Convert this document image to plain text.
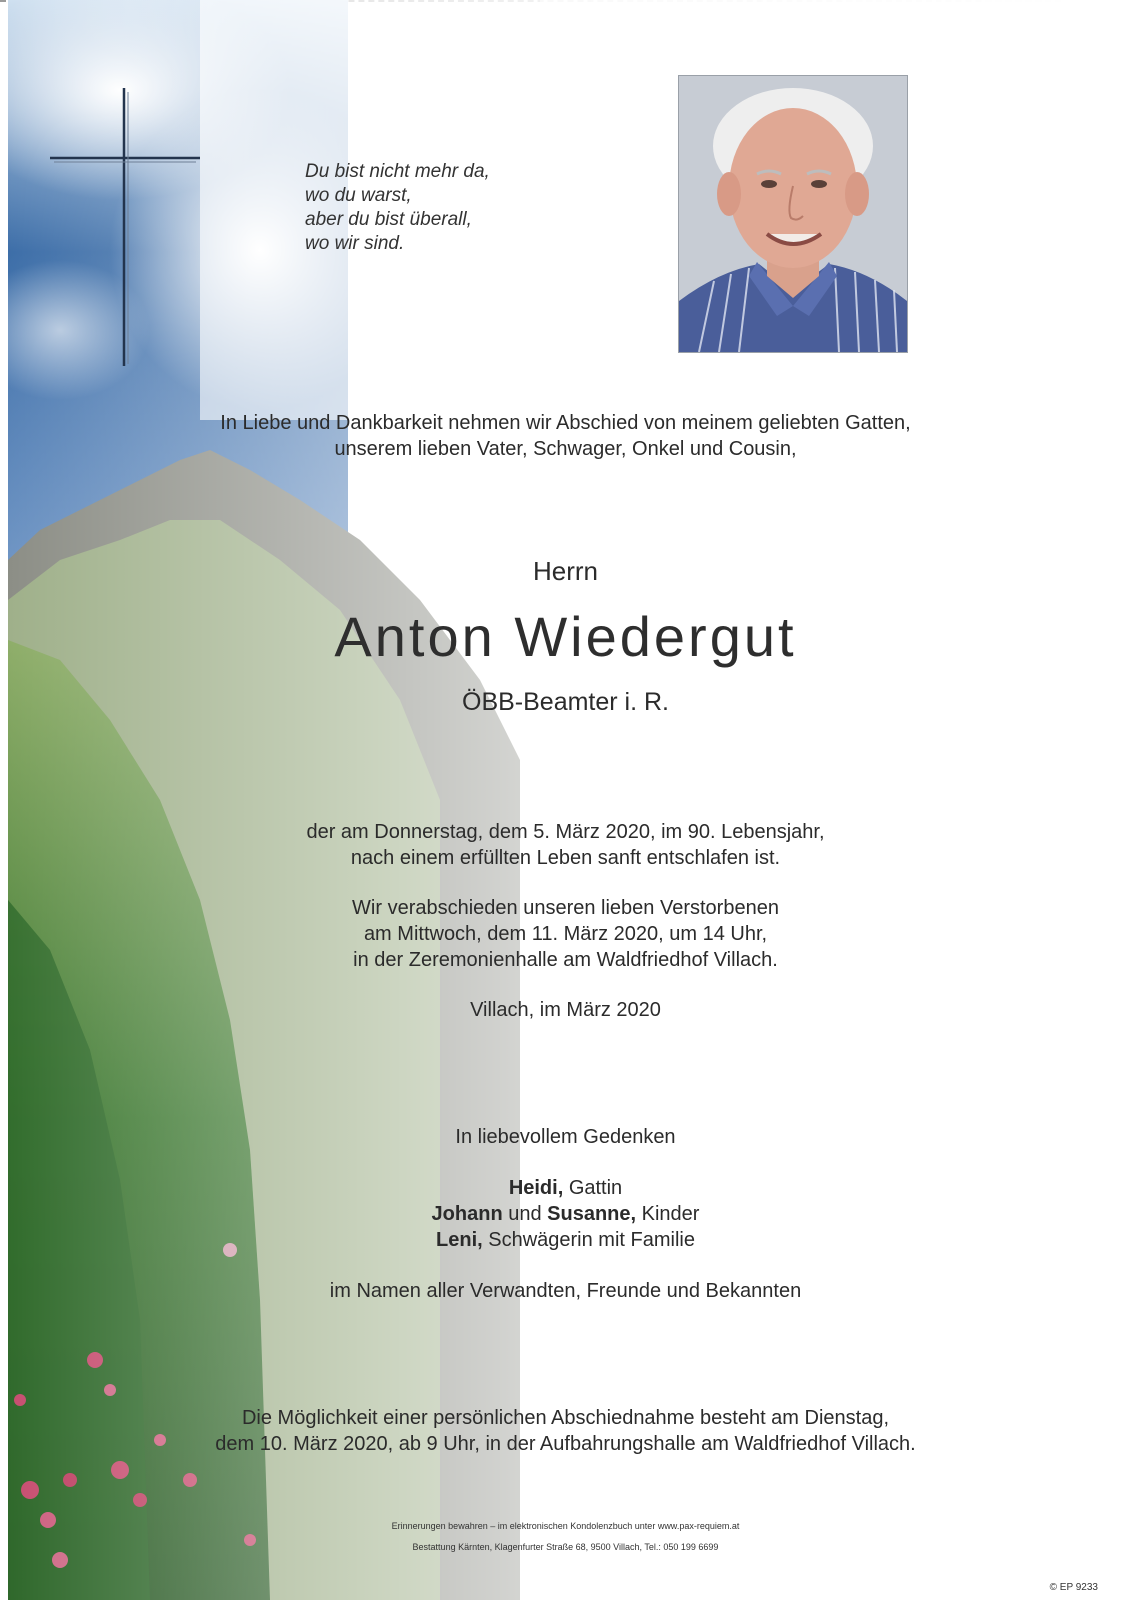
Du bist nicht mehr da,
wo du warst,
aber du bist überall,
wo wir sind.
In Liebe und Dankbarkeit nehmen wir Abschied von meinem geliebten Gatten,
unserem lieben Vater, Schwager, Onkel und Cousin,
Herrn
Anton Wiedergut
ÖBB-Beamter i. R.
der am Donnerstag, dem 5. März 2020, im 90. Lebensjahr,
nach einem erfüllten Leben sanft entschlafen ist.
Wir verabschieden unseren lieben Verstorbenen
am Mittwoch, dem 11. März 2020, um 14 Uhr,
in der Zeremonienhalle am Waldfriedhof Villach.
Villach, im März 2020
In liebevollem Gedenken
Heidi, Gattin
Johann und Susanne, Kinder
Leni, Schwägerin mit Familie
im Namen aller Verwandten, Freunde und Bekannten
Die Möglichkeit einer persönlichen Abschiednahme besteht am Dienstag,
dem 10. März 2020, ab 9 Uhr, in der Aufbahrungshalle am Waldfriedhof Villach.
Erinnerungen bewahren – im elektronischen Kondolenzbuch unter www.pax-requiem.at
Bestattung Kärnten, Klagenfurter Straße 68, 9500 Villach, Tel.: 050 199 6699
© EP 9233
